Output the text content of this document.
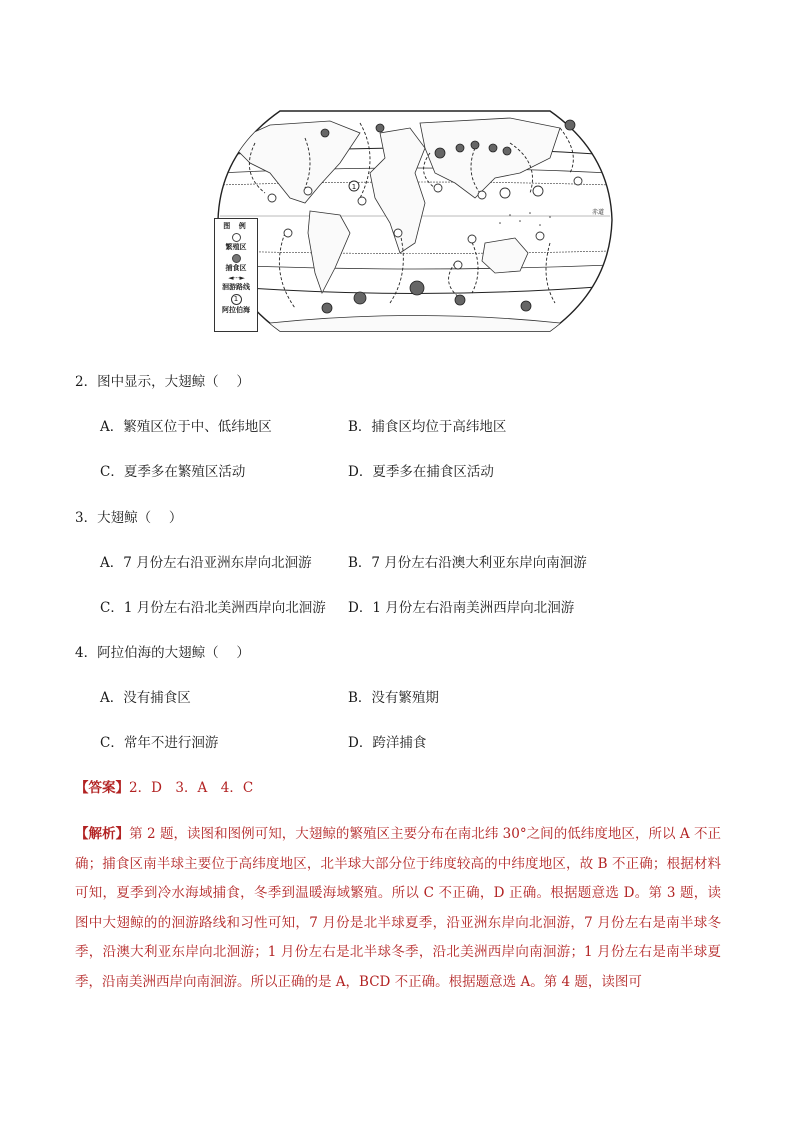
1
赤道
图 例
繁殖区
捕食区
◄- - -►
洄游路线
1
阿拉伯海
2．图中显示，大翅鲸（　 ）
A．繁殖区位于中、低纬地区	B．捕食区均位于高纬地区
C．夏季多在繁殖区活动	D．夏季多在捕食区活动
3．大翅鲸（　 ）
A．7 月份左右沿亚洲东岸向北洄游	B．7 月份左右沿澳大利亚东岸向南洄游
C．1 月份左右沿北美洲西岸向北洄游 D．1 月份左右沿南美洲西岸向北洄游
4．阿拉伯海的大翅鲸（　 ）
A．没有捕食区	B．没有繁殖期
C．常年不进行洄游	D．跨洋捕食
【答案】2．D　3．A　4．C
【解析】第 2 题，读图和图例可知，大翅鲸的繁殖区主要分布在南北纬 30°之间的低纬度地区，所以 A 不正确；捕食区南半球主要位于高纬度地区，北半球大部分位于纬度较高的中纬度地区，故 B 不正确；根据材料可知，夏季到冷水海域捕食，冬季到温暖海域繁殖。所以 C 不正确，D 正确。根据题意选 D。第 3 题，读图中大翅鲸的的洄游路线和习性可知，7 月份是北半球夏季，沿亚洲东岸向北洄游，7 月份左右是南半球冬季，沿澳大利亚东岸向北洄游；1 月份左右是北半球冬季，沿北美洲西岸向南洄游；1 月份左右是南半球夏季，沿南美洲西岸向南洄游。所以正确的是 A，BCD 不正确。根据题意选 A。第 4 题，读图可
